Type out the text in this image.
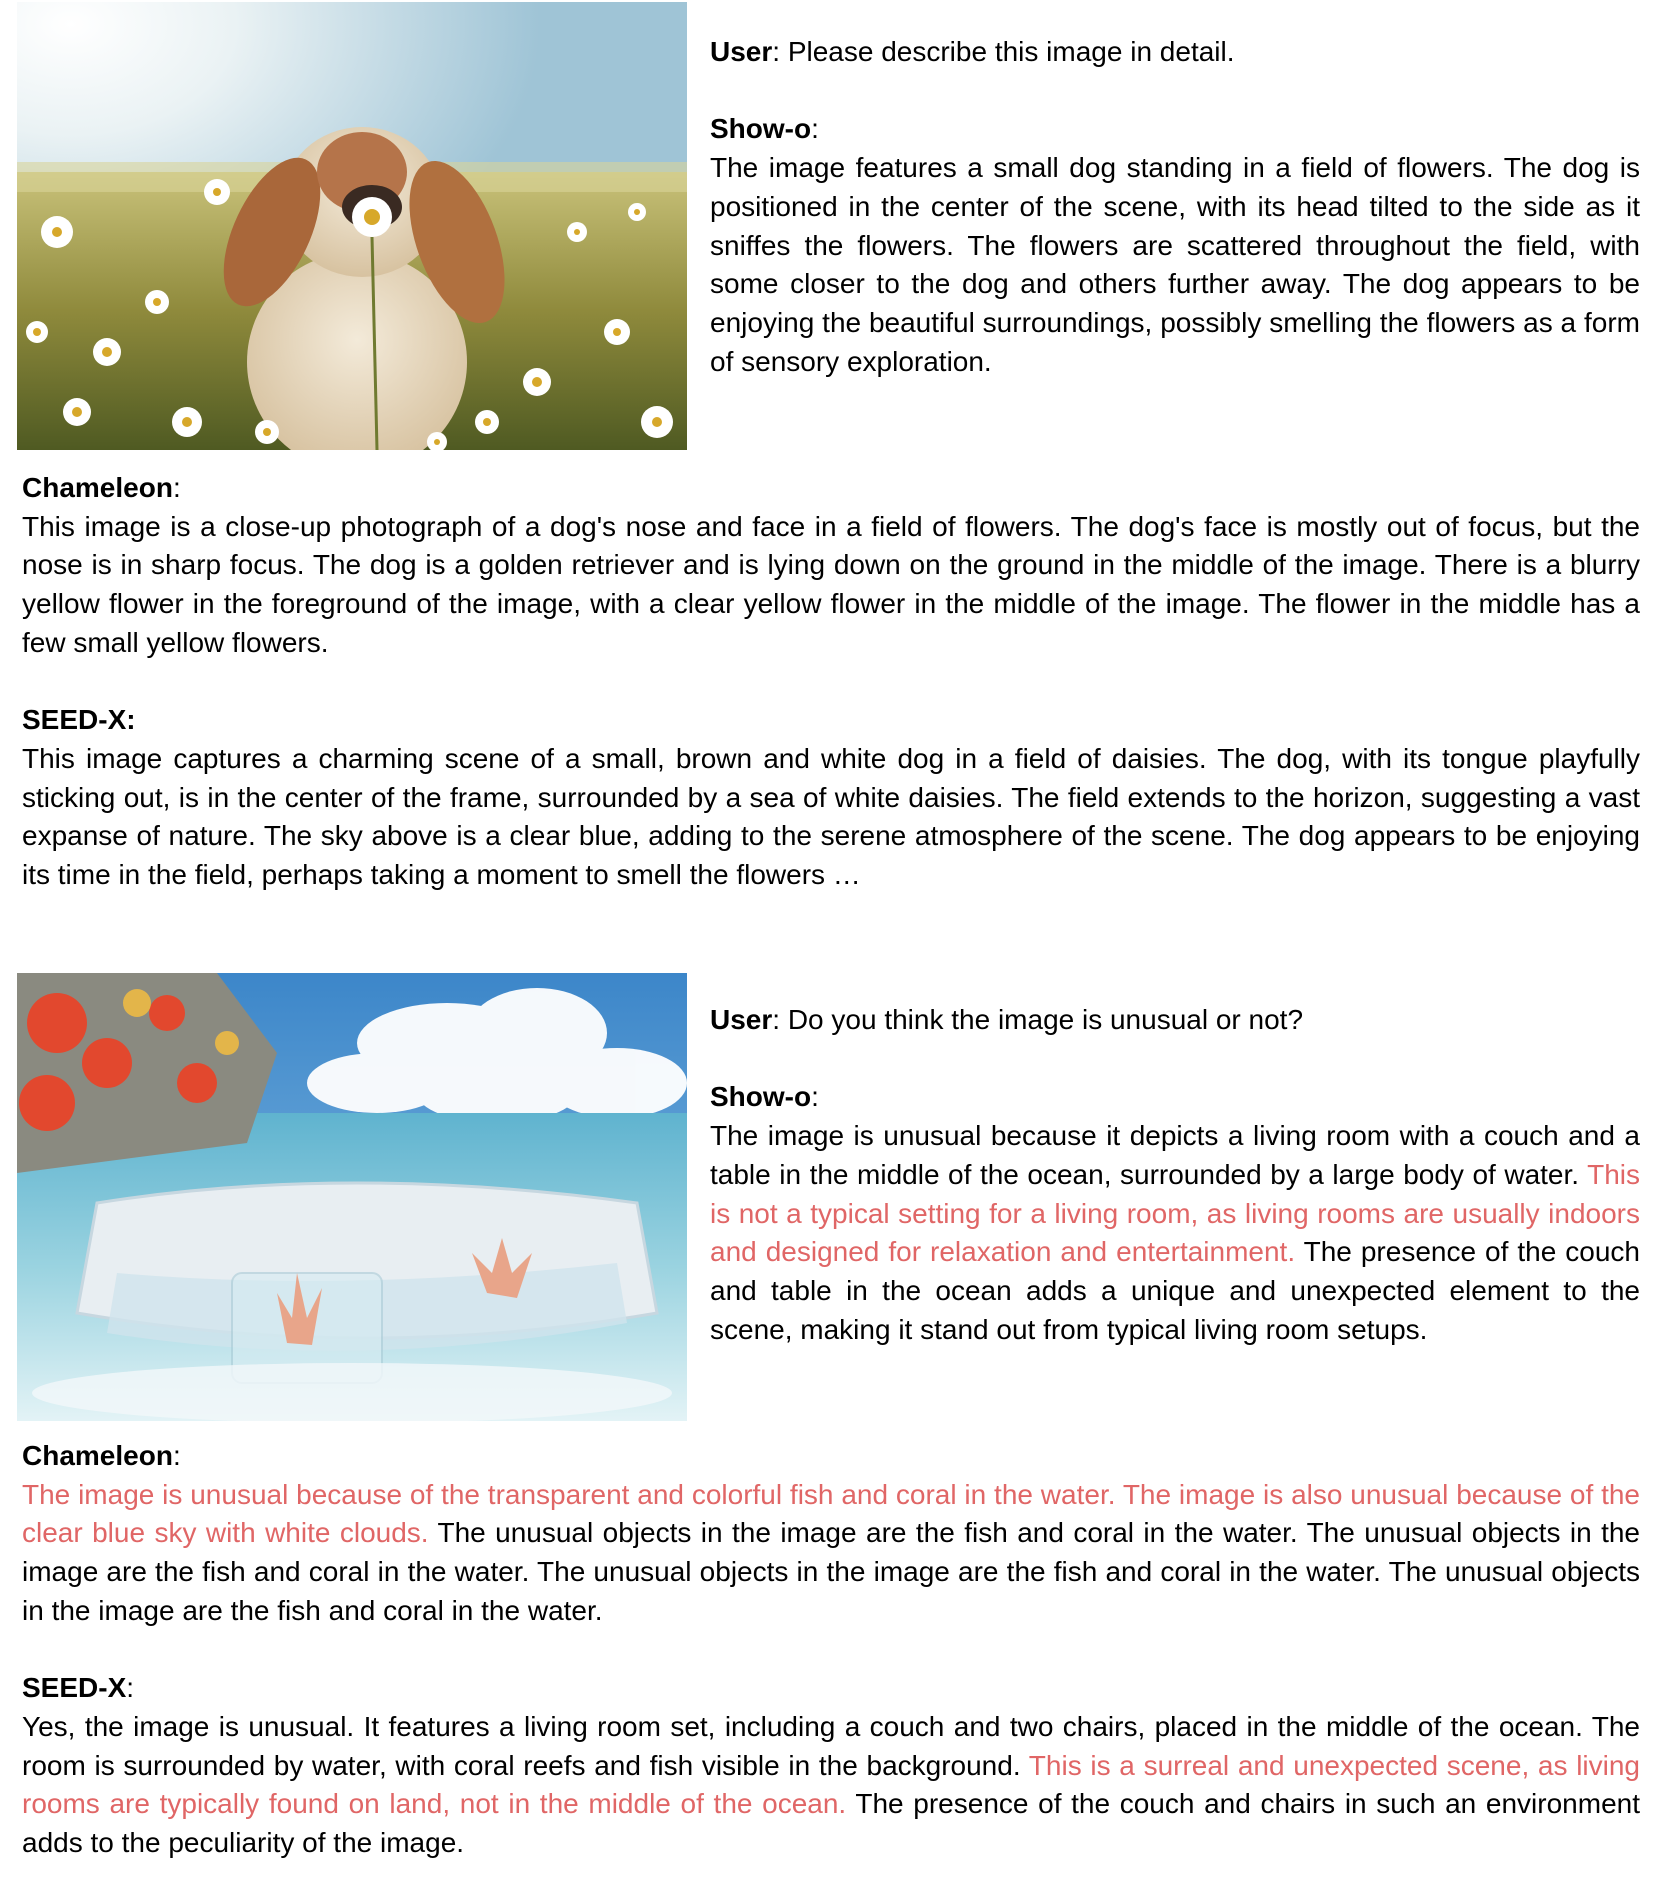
User: Please describe this image in detail.

Show-o:

The image features a small dog standing in a field of flowers. The dog is positioned in the center of the scene, with its head tilted to the side as it sniffes the flowers. The flowers are scattered throughout the field, with some closer to the dog and others further away. The dog appears to be enjoying the beautiful surroundings, possibly smelling the flowers as a form of sensory exploration.

Chameleon:

This image is a close-up photograph of a dog's nose and face in a field of flowers. The dog's face is mostly out of focus, but the nose is in sharp focus. The dog is a golden retriever and is lying down on the ground in the middle of the image. There is a blurry yellow flower in the foreground of the image, with a clear yellow flower in the middle of the image. The flower in the middle has a few small yellow flowers.

SEED-X:

This image captures a charming scene of a small, brown and white dog in a field of daisies. The dog, with its tongue playfully sticking out, is in the center of the frame, surrounded by a sea of white daisies. The field extends to the horizon, suggesting a vast expanse of nature. The sky above is a clear blue, adding to the serene atmosphere of the scene. The dog appears to be enjoying its time in the field, perhaps taking a moment to smell the flowers …

User: Do you think the image is unusual or not?

Show-o:

The image is unusual because it depicts a living room with a couch and a table in the middle of the ocean, surrounded by a large body of water. This is not a typical setting for a living room, as living rooms are usually indoors and designed for relaxation and entertainment. The presence of the couch and table in the ocean adds a unique and unexpected element to the scene, making it stand out from typical living room setups.

Chameleon:

The image is unusual because of the transparent and colorful fish and coral in the water. The image is also unusual because of the clear blue sky with white clouds. The unusual objects in the image are the fish and coral in the water. The unusual objects in the image are the fish and coral in the water. The unusual objects in the image are the fish and coral in the water. The unusual objects in the image are the fish and coral in the water.

SEED-X:

Yes, the image is unusual. It features a living room set, including a couch and two chairs, placed in the middle of the ocean. The room is surrounded by water, with coral reefs and fish visible in the background. This is a surreal and unexpected scene, as living rooms are typically found on land, not in the middle of the ocean. The presence of the couch and chairs in such an environment adds to the peculiarity of the image.
